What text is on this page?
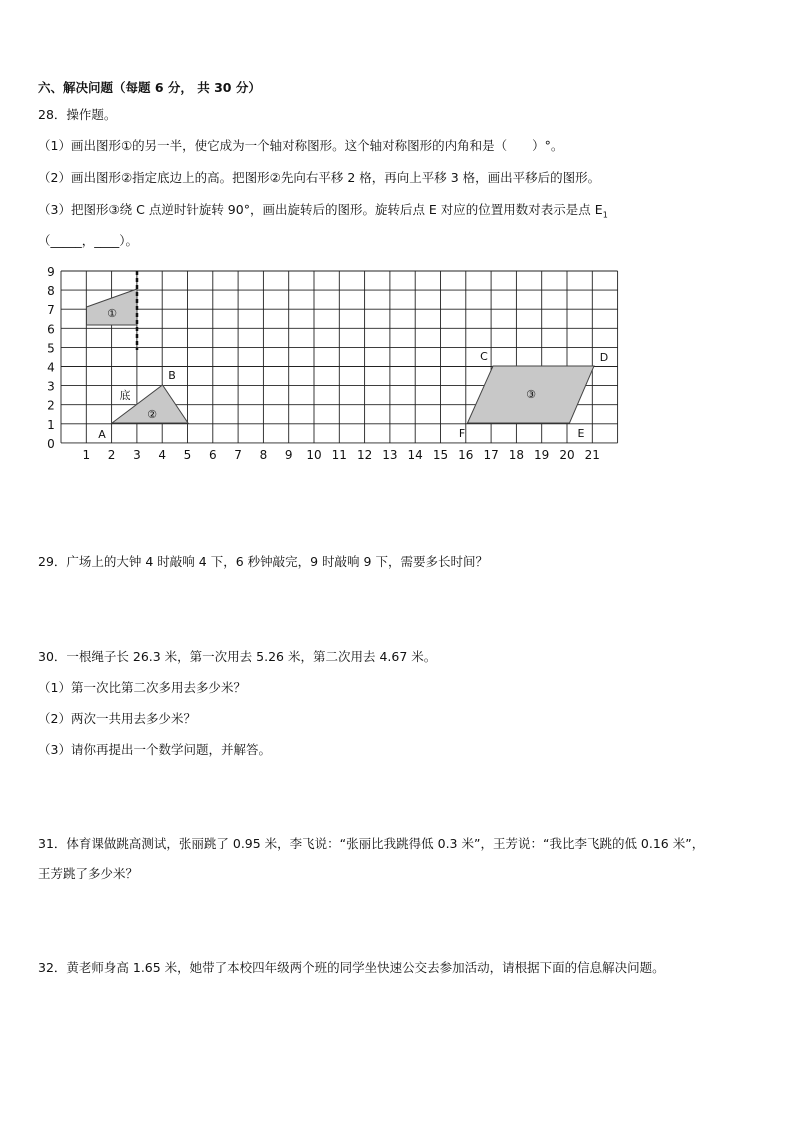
六、解决问题（每题 6 分， 共 30 分）
28．操作题。
（1）画出图形①的另一半，使它成为一个轴对称图形。这个轴对称图形的内角和是（　　）°。
（2）画出图形②指定底边上的高。把图形②先向右平移 2 格，再向上平移 3 格，画出平移后的图形。
（3）把图形③绕 C 点逆时针旋转 90°，画出旋转后的图形。旋转后点 E 对应的位置用数对表示是点 $E_1$
（_____，____）。
1 2 3 4 5 6 7 8 9 10 11 12 13 14 15 16 17 18 19 20 21
0
1
2
3
4
5
6
7
8
9
①
②
底
A
B
③
C	D
E
F
29．广场上的大钟 4 时敲响 4 下，6 秒钟敲完，9 时敲响 9 下，需要多长时间？
30．一根绳子长 26.3 米，第一次用去 5.26 米，第二次用去 4.67 米。
（1）第一次比第二次多用去多少米？
（2）两次一共用去多少米？
（3）请你再提出一个数学问题，并解答。
31．体育课做跳高测试，张丽跳了 0.95 米，李飞说：“张丽比我跳得低 0.3 米”，王芳说：“我比李飞跳的低 0.16 米”，
王芳跳了多少米？
32．黄老师身高 1.65 米，她带了本校四年级两个班的同学坐快速公交去参加活动，请根据下面的信息解决问题。
